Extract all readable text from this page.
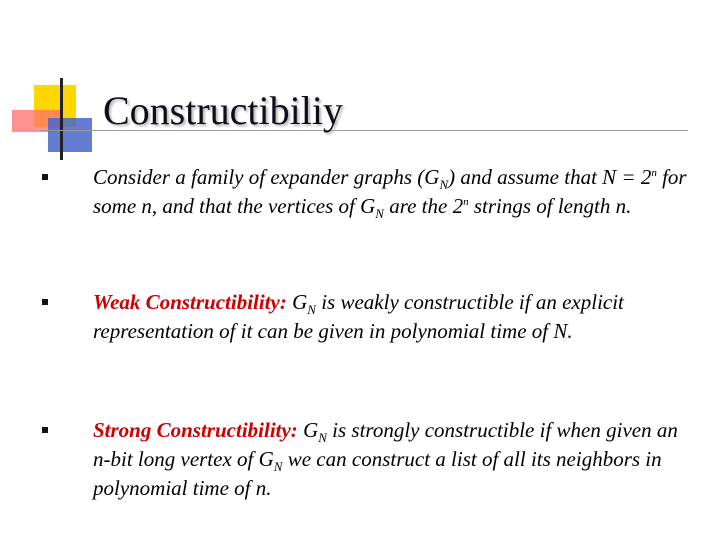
Constructibiliy
Consider a family of expander graphs $(G_N)$ and assume that $N = 2^n$ for some n, and that the vertices of $G_N$ are the 2$^n$ strings of length n.
Weak Constructibility: $G_N$ is weakly constructible if an explicit representation of it can be given in polynomial time of N.
Strong Constructibility: $G_N$ is strongly constructible if when given an n-bit long vertex of $G_N$ we can construct a list of all its neighbors in polynomial time of n.
